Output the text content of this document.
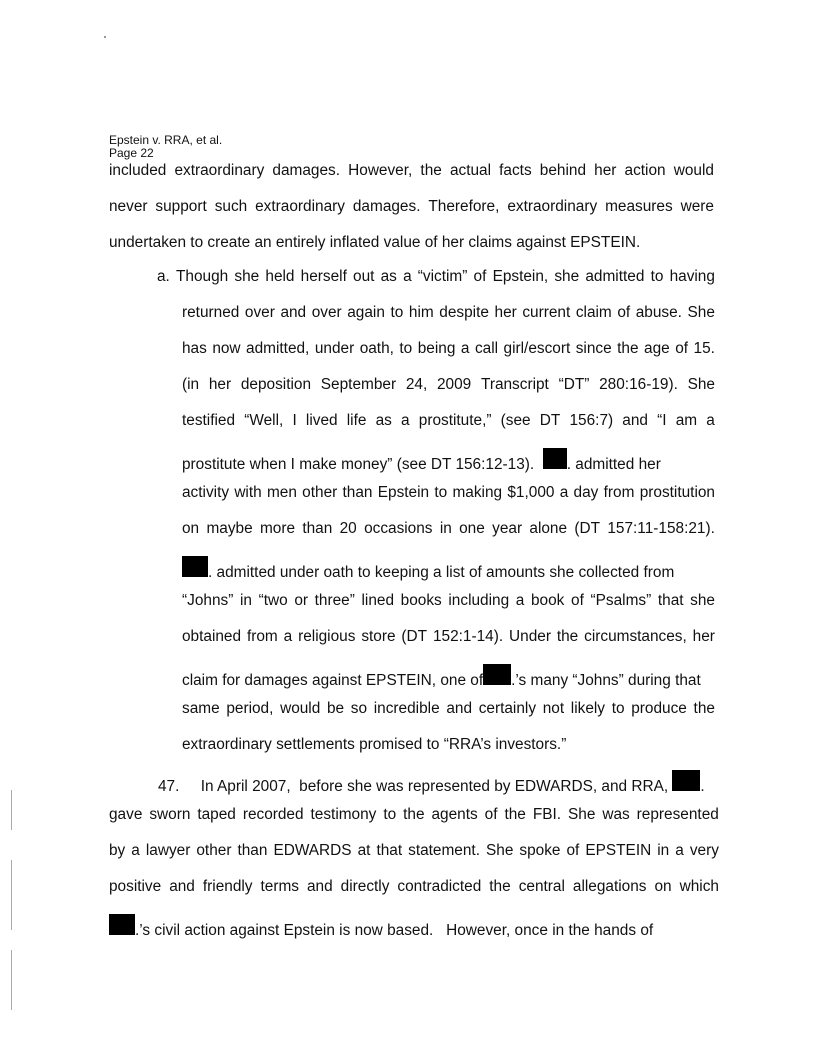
Epstein v. RRA, et al.
Page 22
included extraordinary damages. However, the actual facts behind her action would
never support such extraordinary damages. Therefore, extraordinary measures were
undertaken to create an entirely inflated value of her claims against EPSTEIN.
a. Though she held herself out as a “victim” of Epstein, she admitted to having
returned over and over again to him despite her current claim of abuse. She
has now admitted, under oath, to being a call girl/escort since the age of 15.
(in her deposition September 24, 2009 Transcript “DT” 280:16-19). She
testified “Well, I lived life as a prostitute,” (see DT 156:7) and “I am a
prostitute when I make money” (see DT 156:12-13). . admitted her
activity with men other than Epstein to making $1,000 a day from prostitution
on maybe more than 20 occasions in one year alone (DT 157:11-158:21).
. admitted under oath to keeping a list of amounts she collected from
“Johns” in “two or three” lined books including a book of “Psalms” that she
obtained from a religious store (DT 152:1-14). Under the circumstances, her
claim for damages against EPSTEIN, one of .’s many “Johns” during that
same period, would be so incredible and certainly not likely to produce the
extraordinary settlements promised to “RRA’s investors.”
47.     In April 2007,  before she was represented by EDWARDS, and RRA, .
gave sworn taped recorded testimony to the agents of the FBI. She was represented
by a lawyer other than EDWARDS at that statement. She spoke of EPSTEIN in a very
positive and friendly terms and directly contradicted the central allegations on which
.’s civil action against Epstein is now based.   However, once in the hands of
